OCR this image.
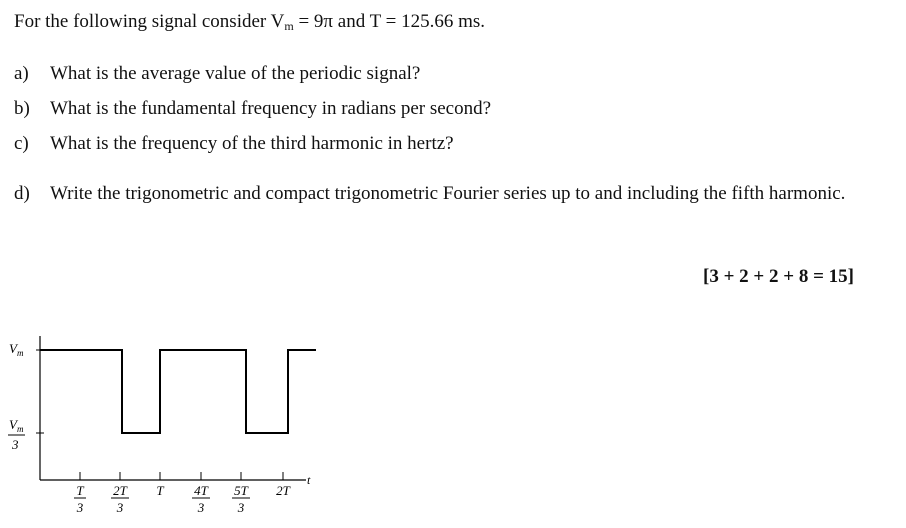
For the following signal consider $V_m = 9\pi$ and T = 125.66 ms.
a) What is the average value of the periodic signal?
b) What is the fundamental frequency in radians per second?
c) What is the frequency of the third harmonic in hertz?
d)	Write the trigonometric and compact trigonometric Fourier series up to and including the fifth harmonic.
[3 + 2 + 2 + 8 = 15]
$V_m$
$V_m$
3
t
T
3
2T
3
T 4T
3
5T
3
2T
